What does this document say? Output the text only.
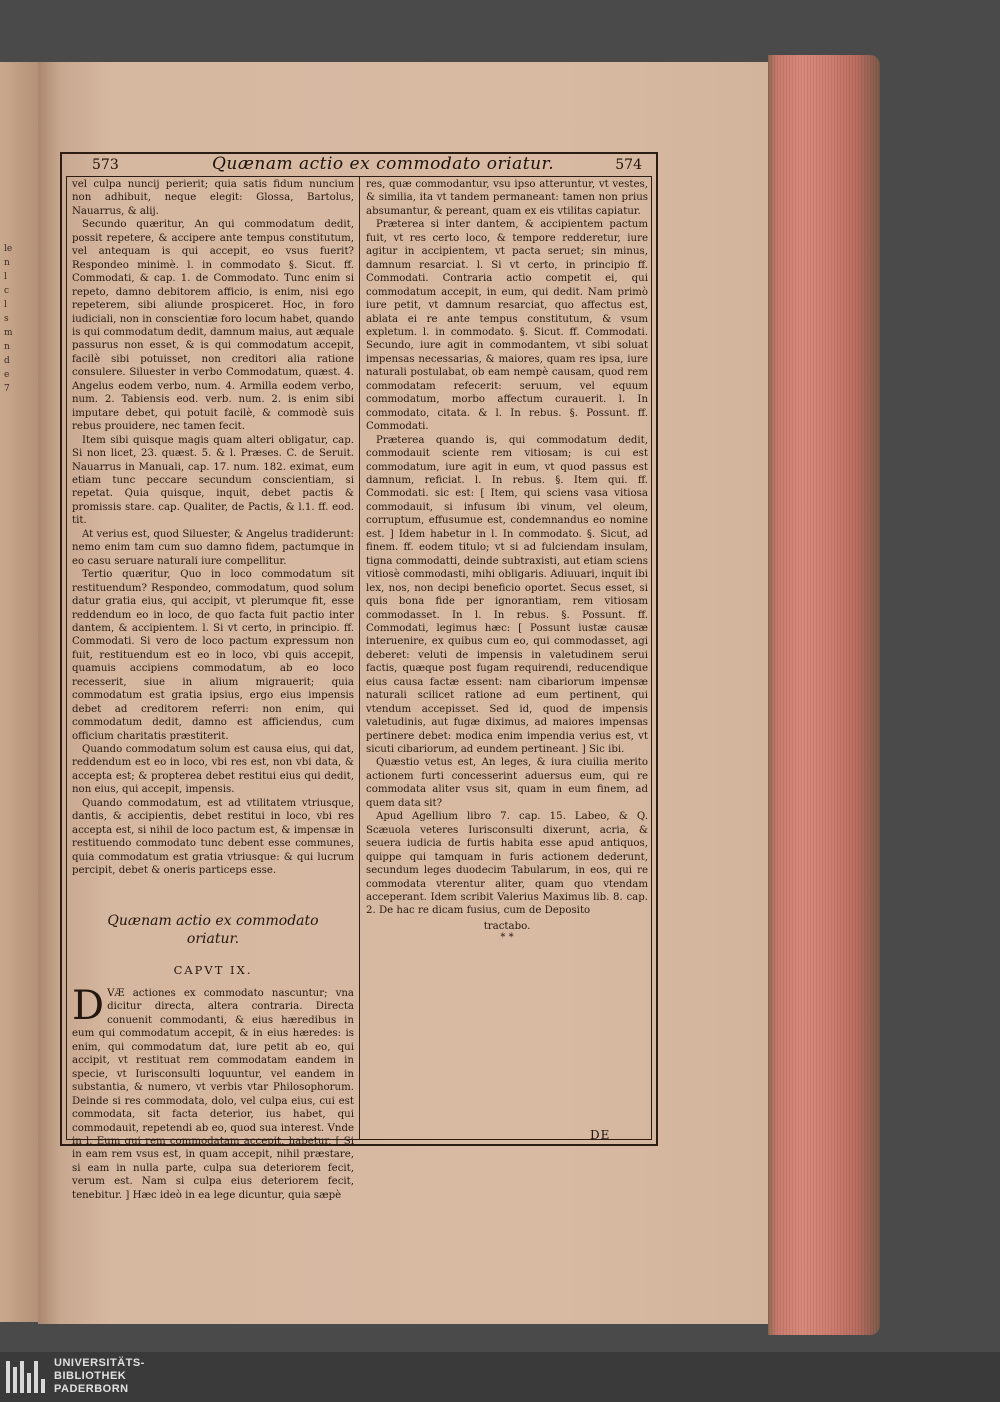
le n l c l s m n d e 7
573	Quænam actio ex commodato oriatur.	574

vel culpa nuncij perierit; quia satis fidum nuncium non adhibuit, neque elegit: Glossa, Bartolus, Nauarrus, & alij.

Secundo quæritur, An qui commodatum dedit, possit repetere, & accipere ante tempus constitutum, vel antequam is qui accepit, eo vsus fuerit? Respondeo minimè. l. in commodato §. Sicut. ff. Commodati, & cap. 1. de Commodato. Tunc enim si repeto, damno debitorem afficio, is enim, nisi ego repeterem, sibi aliunde prospiceret. Hoc, in foro iudiciali, non in conscientiæ foro locum habet, quando is qui commodatum dedit, damnum maius, aut æquale passurus non esset, & is qui commodatum accepit, facilè sibi potuisset, non creditori alia ratione consulere. Siluester in verbo Commodatum, quæst. 4. Angelus eodem verbo, num. 4. Armilla eodem verbo, num. 2. Tabiensis eod. verb. num. 2. is enim sibi imputare debet, qui potuit facilè, & commodè suis rebus prouidere, nec tamen fecit.

Item sibi quisque magis quam alteri obligatur, cap. Si non licet, 23. quæst. 5. & l. Præses. C. de Seruit. Nauarrus in Manuali, cap. 17. num. 182. eximat, eum etiam tunc peccare secundum conscientiam, si repetat. Quia quisque, inquit, debet pactis & promissis stare. cap. Qualiter, de Pactis, & l.1. ff. eod. tit.

At verius est, quod Siluester, & Angelus tradiderunt: nemo enim tam cum suo damno fidem, pactumque in eo casu seruare naturali iure compellitur.

Tertio quæritur, Quo in loco commodatum sit restituendum? Respondeo, commodatum, quod solum datur gratia eius, qui accipit, vt plerumque fit, esse reddendum eo in loco, de quo facta fuit pactio inter dantem, & accipientem. l. Si vt certo, in principio. ff. Commodati. Si vero de loco pactum expressum non fuit, restituendum est eo in loco, vbi quis accepit, quamuis accipiens commodatum, ab eo loco recesserit, siue in alium migrauerit; quia commodatum est gratia ipsius, ergo eius impensis debet ad creditorem referri: non enim, qui commodatum dedit, damno est afficiendus, cum officium charitatis præstiterit.

Quando commodatum solum est causa eius, qui dat, reddendum est eo in loco, vbi res est, non vbi data, & accepta est; & propterea debet restitui eius qui dedit, non eius, qui accepit, impensis.

Quando commodatum, est ad vtilitatem vtriusque, dantis, & accipientis, debet restitui in loco, vbi res accepta est, si nihil de loco pactum est, & impensæ in restituendo commodato tunc debent esse communes, quia commodatum est gratia vtriusque: & qui lucrum percipit, debet & oneris particeps esse.

Quænam actio ex commodato
oriatur.
CAPVT IX.

DVÆ actiones ex commodato nascuntur; vna dicitur directa, altera contraria. Directa conuenit commodanti, & eius hæredibus in eum qui commodatum accepit, & in eius hæredes: is enim, qui commodatum dat, iure petit ab eo, qui accipit, vt restituat rem commodatam eandem in specie, vt Iurisconsulti loquuntur, vel eandem in substantia, & numero, vt verbis vtar Philosophorum. Deinde si res commodata, dolo, vel culpa eius, cui est commodata, sit facta deterior, ius habet, qui commodauit, repetendi ab eo, quod sua interest. Vnde in l. Eum qui rem commodatam accepit, habetur, [ Si in eam rem vsus est, in quam accepit, nihil præstare, si eam in nulla parte, culpa sua deteriorem fecit, verum est. Nam si culpa eius deteriorem fecit, tenebitur. ] Hæc ideò in ea lege dicuntur, quia sæpè

res, quæ commodantur, vsu ipso atteruntur, vt vestes, & similia, ita vt tandem permaneant: tamen non prius absumantur, & pereant, quam ex eis vtilitas capiatur.

Præterea si inter dantem, & accipientem pactum fuit, vt res certo loco, & tempore redderetur, iure agitur in accipientem, vt pacta seruet; sin minus, damnum resarciat. l. Si vt certo, in principio ff. Commodati. Contraria actio competit ei, qui commodatum accepit, in eum, qui dedit. Nam primò iure petit, vt damnum resarciat, quo affectus est, ablata ei re ante tempus constitutum, & vsum expletum. l. in commodato. §. Sicut. ff. Commodati. Secundo, iure agit in commodantem, vt sibi soluat impensas necessarias, & maiores, quam res ipsa, iure naturali postulabat, ob eam nempè causam, quod rem commodatam refecerit: seruum, vel equum commodatum, morbo affectum curauerit. l. In commodato, citata. & l. In rebus. §. Possunt. ff. Commodati.

Præterea quando is, qui commodatum dedit, commodauit sciente rem vitiosam; is cui est commodatum, iure agit in eum, vt quod passus est damnum, reficiat. l. In rebus. §. Item qui. ff. Commodati. sic est: [ Item, qui sciens vasa vitiosa commodauit, si infusum ibi vinum, vel oleum, corruptum, effusumue est, condemnandus eo nomine est. ] Idem habetur in l. In commodato. §. Sicut, ad finem. ff. eodem titulo; vt si ad fulciendam insulam, tigna commodatti, deinde subtraxisti, aut etiam sciens vitiosè commodasti, mihi obligaris. Adiuuari, inquit ibi lex, nos, non decipi beneficio oportet. Secus esset, si quis bona fide per ignorantiam, rem vitiosam commodasset. In l. In rebus. §. Possunt. ff. Commodati, legimus hæc: [ Possunt iustæ causæ interuenire, ex quibus cum eo, qui commodasset, agi deberet: veluti de impensis in valetudinem serui factis, quæque post fugam requirendi, reducendique eius causa factæ essent: nam cibariorum impensæ naturali scilicet ratione ad eum pertinent, qui vtendum accepisset. Sed id, quod de impensis valetudinis, aut fugæ diximus, ad maiores impensas pertinere debet: modica enim impendia verius est, vt sicuti cibariorum, ad eundem pertineant. ] Sic ibi.

Quæstio vetus est, An leges, & iura ciuilia merito actionem furti concesserint aduersus eum, qui re commodata aliter vsus sit, quam in eum finem, ad quem data sit?

Apud Agellium libro 7. cap. 15. Labeo, & Q. Scæuola veteres Iurisconsulti dixerunt, acria, & seuera iudicia de furtis habita esse apud antiquos, quippe qui tamquam in furis actionem dederunt, secundum leges duodecim Tabularum, in eos, qui re commodata vterentur aliter, quam quo vtendam acceperant. Idem scribit Valerius Maximus lib. 8. cap. 2. De hac re dicam fusius, cum de Deposito

tractabo.
* *
DE
UNIVERSITÄTS-
BIBLIOTHEK
PADERBORN
